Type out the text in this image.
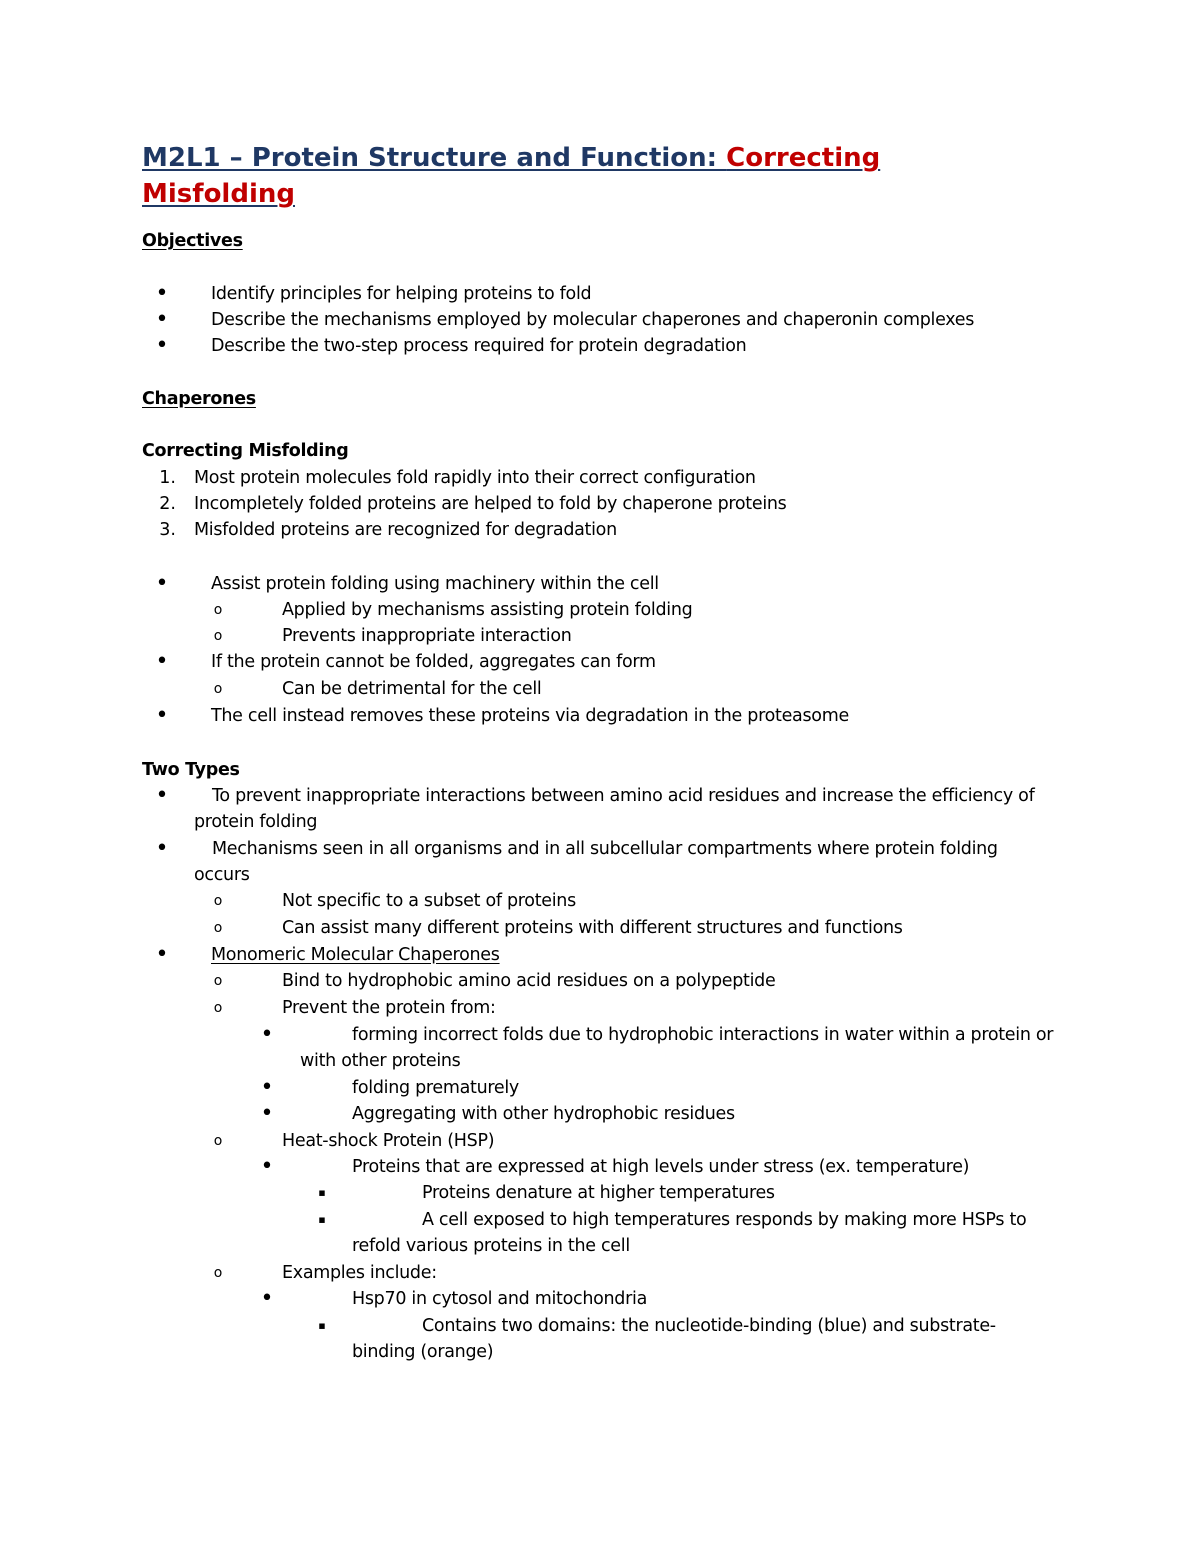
M2L1 – Protein Structure and Function: Correcting Misfolding
Objectives
•	Identify principles for helping proteins to fold
•	Describe the mechanisms employed by molecular chaperones and chaperonin complexes
•	Describe the two-step process required for protein degradation
Chaperones
Correcting Misfolding
1. Most protein molecules fold rapidly into their correct configuration
2. Incompletely folded proteins are helped to fold by chaperone proteins
3. Misfolded proteins are recognized for degradation
•	Assist protein folding using machinery within the cell
o	Applied by mechanisms assisting protein folding
o	Prevents inappropriate interaction
•	If the protein cannot be folded, aggregates can form
o	Can be detrimental for the cell
•	The cell instead removes these proteins via degradation in the proteasome
Two Types
•	To prevent inappropriate interactions between amino acid residues and increase the efficiency of protein folding
•	Mechanisms seen in all organisms and in all subcellular compartments where protein folding occurs
o	Not specific to a subset of proteins
o	Can assist many different proteins with different structures and functions
•	Monomeric Molecular Chaperones
o	Bind to hydrophobic amino acid residues on a polypeptide
o	Prevent the protein from:
•	forming incorrect folds due to hydrophobic interactions in water within a protein or with other proteins
•	folding prematurely
•	Aggregating with other hydrophobic residues
o	Heat-shock Protein (HSP)
•	Proteins that are expressed at high levels under stress (ex. temperature)
▪	Proteins denature at higher temperatures
▪	A cell exposed to high temperatures responds by making more HSPs to refold various proteins in the cell
o	Examples include:
•	Hsp70 in cytosol and mitochondria
▪	Contains two domains: the nucleotide-binding (blue) and substrate-binding (orange)
